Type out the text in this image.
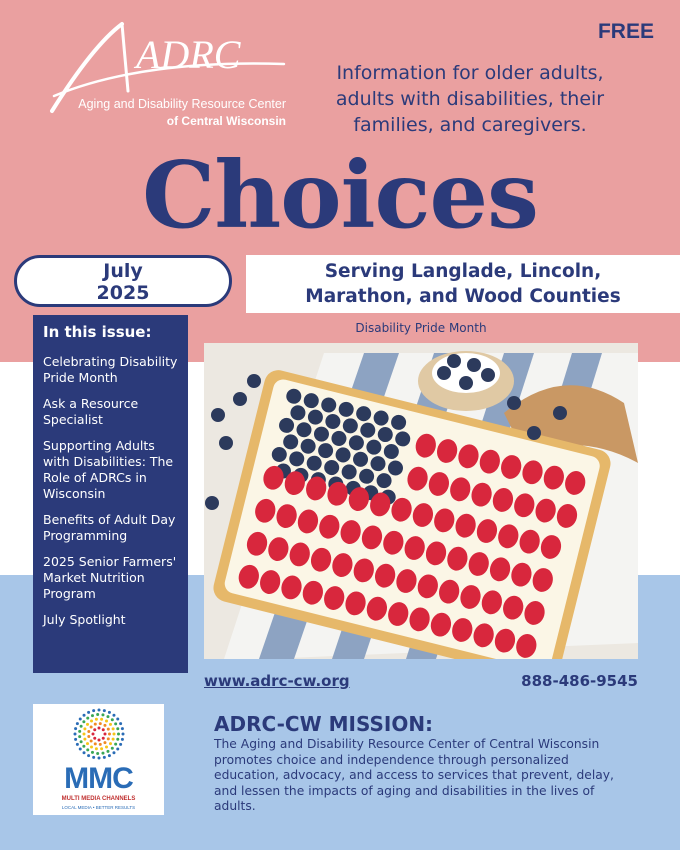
ADRC
Aging and Disability Resource Center
of Central Wisconsin
FREE
Information for older adults, adults with disabilities, their families, and caregivers.
Choices
July
2025
Serving Langlade, Lincoln,
Marathon, and Wood Counties
In this issue:
Celebrating Disability Pride Month
Ask a Resource Specialist
Supporting Adults with Disabilities: The Role of ADRCs in Wisconsin
Benefits of Adult Day Programming
2025 Senior Farmers' Market Nutrition Program
July Spotlight
Disability Pride Month
www.adrc-cw.org	888-486-9545
MMC
MULTI MEDIA CHANNELS
LOCAL MEDIA • BETTER RESULTS
ADRC-CW MISSION:
The Aging and Disability Resource Center of Central Wisconsin promotes choice and independence through personalized education, advocacy, and access to services that prevent, delay, and lessen the impacts of aging and disabilities in the lives of adults.
